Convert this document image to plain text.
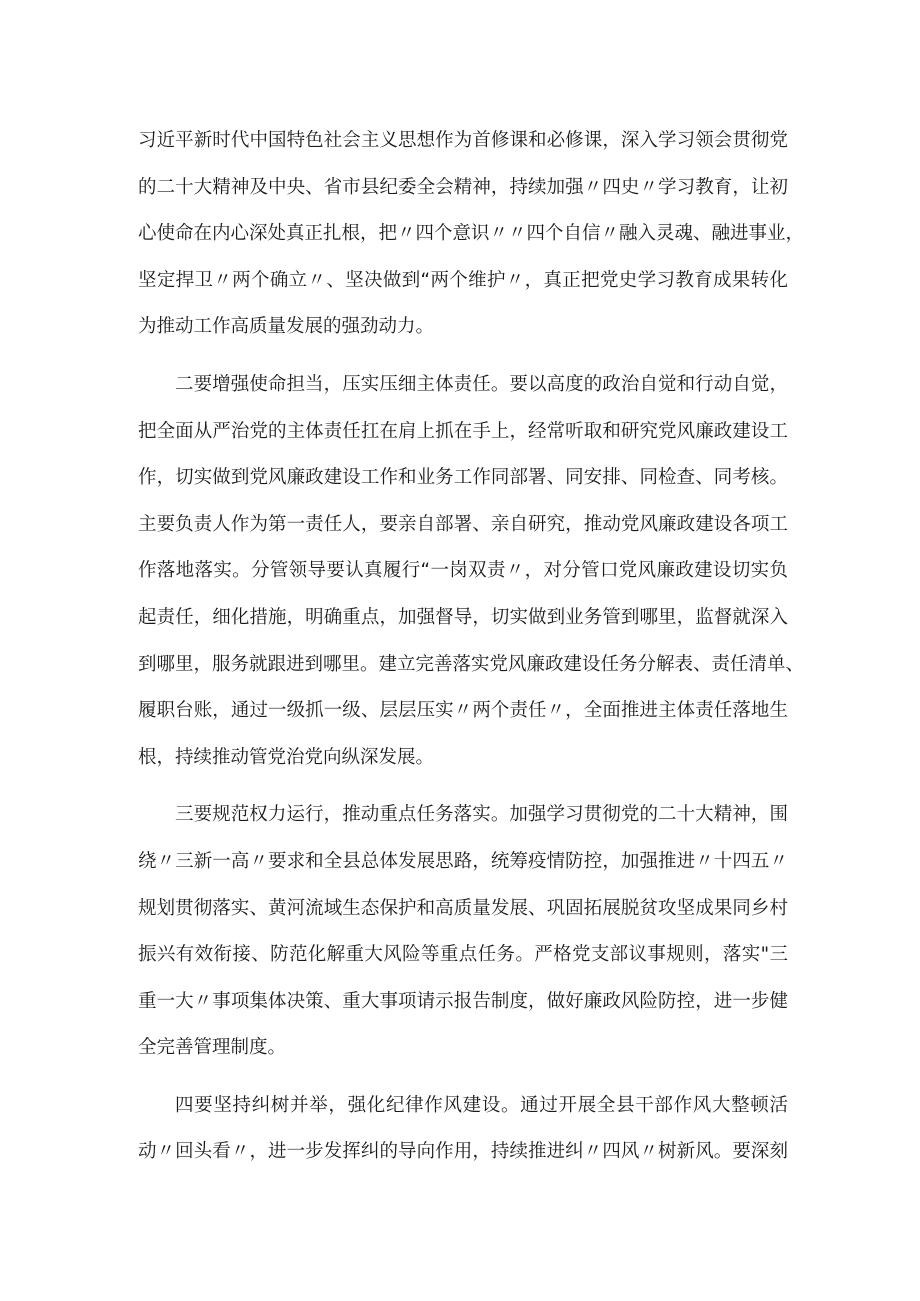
习近平新时代中国特色社会主义思想作为首修课和必修课，深入学习领会贯彻党
的二十大精神及中央、省市县纪委全会精神，持续加强〃四史〃学习教育，让初
心使命在内心深处真正扎根，把〃四个意识〃〃四个自信〃融入灵魂、融进事业，
坚定捍卫〃两个确立〃、坚决做到“两个维护〃，真正把党史学习教育成果转化
为推动工作高质量发展的强劲动力。

二要增强使命担当，压实压细主体责任。要以高度的政治自觉和行动自觉，
把全面从严治党的主体责任扛在肩上抓在手上，经常听取和研究党风廉政建设工
作，切实做到党风廉政建设工作和业务工作同部署、同安排、同检查、同考核。
主要负责人作为第一责任人，要亲自部署、亲自研究，推动党风廉政建设各项工
作落地落实。分管领导要认真履行“一岗双责〃，对分管口党风廉政建设切实负
起责任，细化措施，明确重点，加强督导，切实做到业务管到哪里，监督就深入
到哪里，服务就跟进到哪里。建立完善落实党风廉政建设任务分解表、责任清单、
履职台账，通过一级抓一级、层层压实〃两个责任〃，全面推进主体责任落地生
根，持续推动管党治党向纵深发展。

三要规范权力运行，推动重点任务落实。加强学习贯彻党的二十大精神，围
绕〃三新一高〃要求和全县总体发展思路，统筹疫情防控，加强推进〃十四五〃
规划贯彻落实、黄河流域生态保护和高质量发展、巩固拓展脱贫攻坚成果同乡村
振兴有效衔接、防范化解重大风险等重点任务。严格党支部议事规则，落实"三
重一大〃事项集体决策、重大事项请示报告制度，做好廉政风险防控，进一步健
全完善管理制度。

四要坚持纠树并举，强化纪律作风建设。通过开展全县干部作风大整顿活
动〃回头看〃，进一步发挥纠的导向作用，持续推进纠〃四风〃树新风。要深刻
